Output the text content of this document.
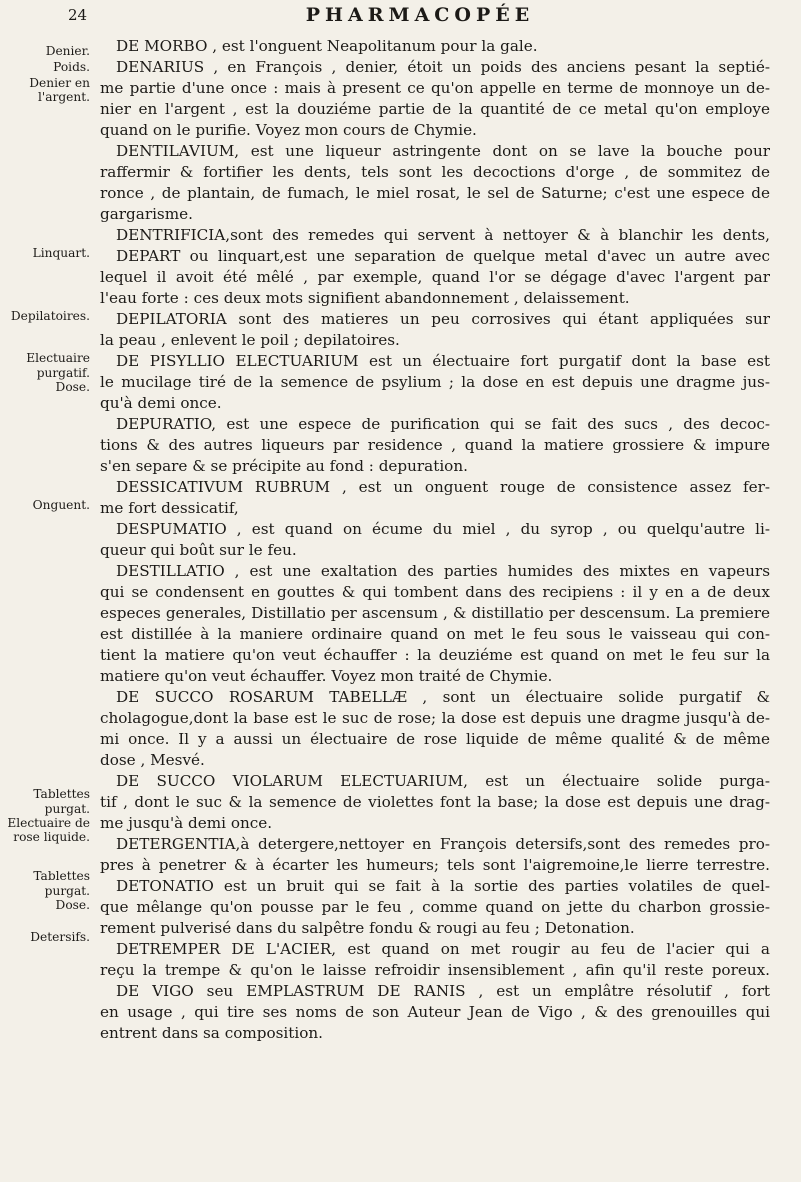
24	PHARMACOPÉE
Denier.
Poids.
Denier en
l'argent.
Linquart.
Depilatoires.
Electuaire
purgatif.
Dose.
Onguent.
Tablettes
purgat.
Electuaire de
rose liquide.
Tablettes
purgat.
Dose.
Detersifs.
DE MORBO , est l'onguent Neapolitanum pour la gale.
DENARIUS , en François , denier, étoit un poids des anciens pesant la septié-
me partie d'une once : mais à present ce qu'on appelle en terme de monnoye un de-
nier en l'argent , est la douziéme partie de la quantité de ce metal qu'on employe
quand on le purifie. Voyez mon cours de Chymie.
DENTILAVIUM, est une liqueur astringente dont on se lave la bouche pour
raffermir & fortifier les dents, tels sont les decoctions d'orge , de sommitez de
ronce , de plantain, de fumach, le miel rosat, le sel de Saturne; c'est une espece de
gargarisme.
DENTRIFICIA,sont des remedes qui servent à nettoyer & à blanchir les dents,
DEPART ou linquart,est une separation de quelque metal d'avec un autre avec
lequel il avoit été mêlé , par exemple, quand l'or se dégage d'avec l'argent par
l'eau forte : ces deux mots signifient abandonnement , delaissement.
DEPILATORIA sont des matieres un peu corrosives qui étant appliquées sur
la peau , enlevent le poil ; depilatoires.
DE PISYLLIO ELECTUARIUM est un électuaire fort purgatif dont la base est
le mucilage tiré de la semence de psylium ; la dose en est depuis une dragme jus-
qu'à demi once.
DEPURATIO, est une espece de purification qui se fait des sucs , des decoc-
tions & des autres liqueurs par residence , quand la matiere grossiere & impure
s'en separe & se précipite au fond : depuration.
DESSICATIVUM RUBRUM , est un onguent rouge de consistence assez fer-
me fort dessicatif,
DESPUMATIO , est quand on écume du miel , du syrop , ou quelqu'autre li-
queur qui boût sur le feu.
DESTILLATIO , est une exaltation des parties humides des mixtes en vapeurs
qui se condensent en gouttes & qui tombent dans des recipiens : il y en a de deux
especes generales, Distillatio per ascensum , & distillatio per descensum. La premiere
est distillée à la maniere ordinaire quand on met le feu sous le vaisseau qui con-
tient la matiere qu'on veut échauffer : la deuziéme est quand on met le feu sur la
matiere qu'on veut échauffer. Voyez mon traité de Chymie.
DE SUCCO ROSARUM TABELLÆ , sont un électuaire solide purgatif &
cholagogue,dont la base est le suc de rose; la dose est depuis une dragme jusqu'à de-
mi once. Il y a aussi un électuaire de rose liquide de même qualité & de même
dose , Mesvé.
DE SUCCO VIOLARUM ELECTUARIUM, est un électuaire solide purga-
tif , dont le suc & la semence de violettes font la base; la dose est depuis une drag-
me jusqu'à demi once.
DETERGENTIA,à detergere,nettoyer en François detersifs,sont des remedes pro-
pres à penetrer & à écarter les humeurs; tels sont l'aigremoine,le lierre terrestre.
DETONATIO est un bruit qui se fait à la sortie des parties volatiles de quel-
que mêlange qu'on pousse par le feu , comme quand on jette du charbon grossie-
rement pulverisé dans du salpêtre fondu & rougi au feu ; Detonation.
DETREMPER DE L'ACIER, est quand on met rougir au feu de l'acier qui a
reçu la trempe & qu'on le laisse refroidir insensiblement , afin qu'il reste poreux.
DE VIGO seu EMPLASTRUM DE RANIS , est un emplâtre résolutif , fort
en usage , qui tire ses noms de son Auteur Jean de Vigo , & des grenouilles qui
entrent dans sa composition.
